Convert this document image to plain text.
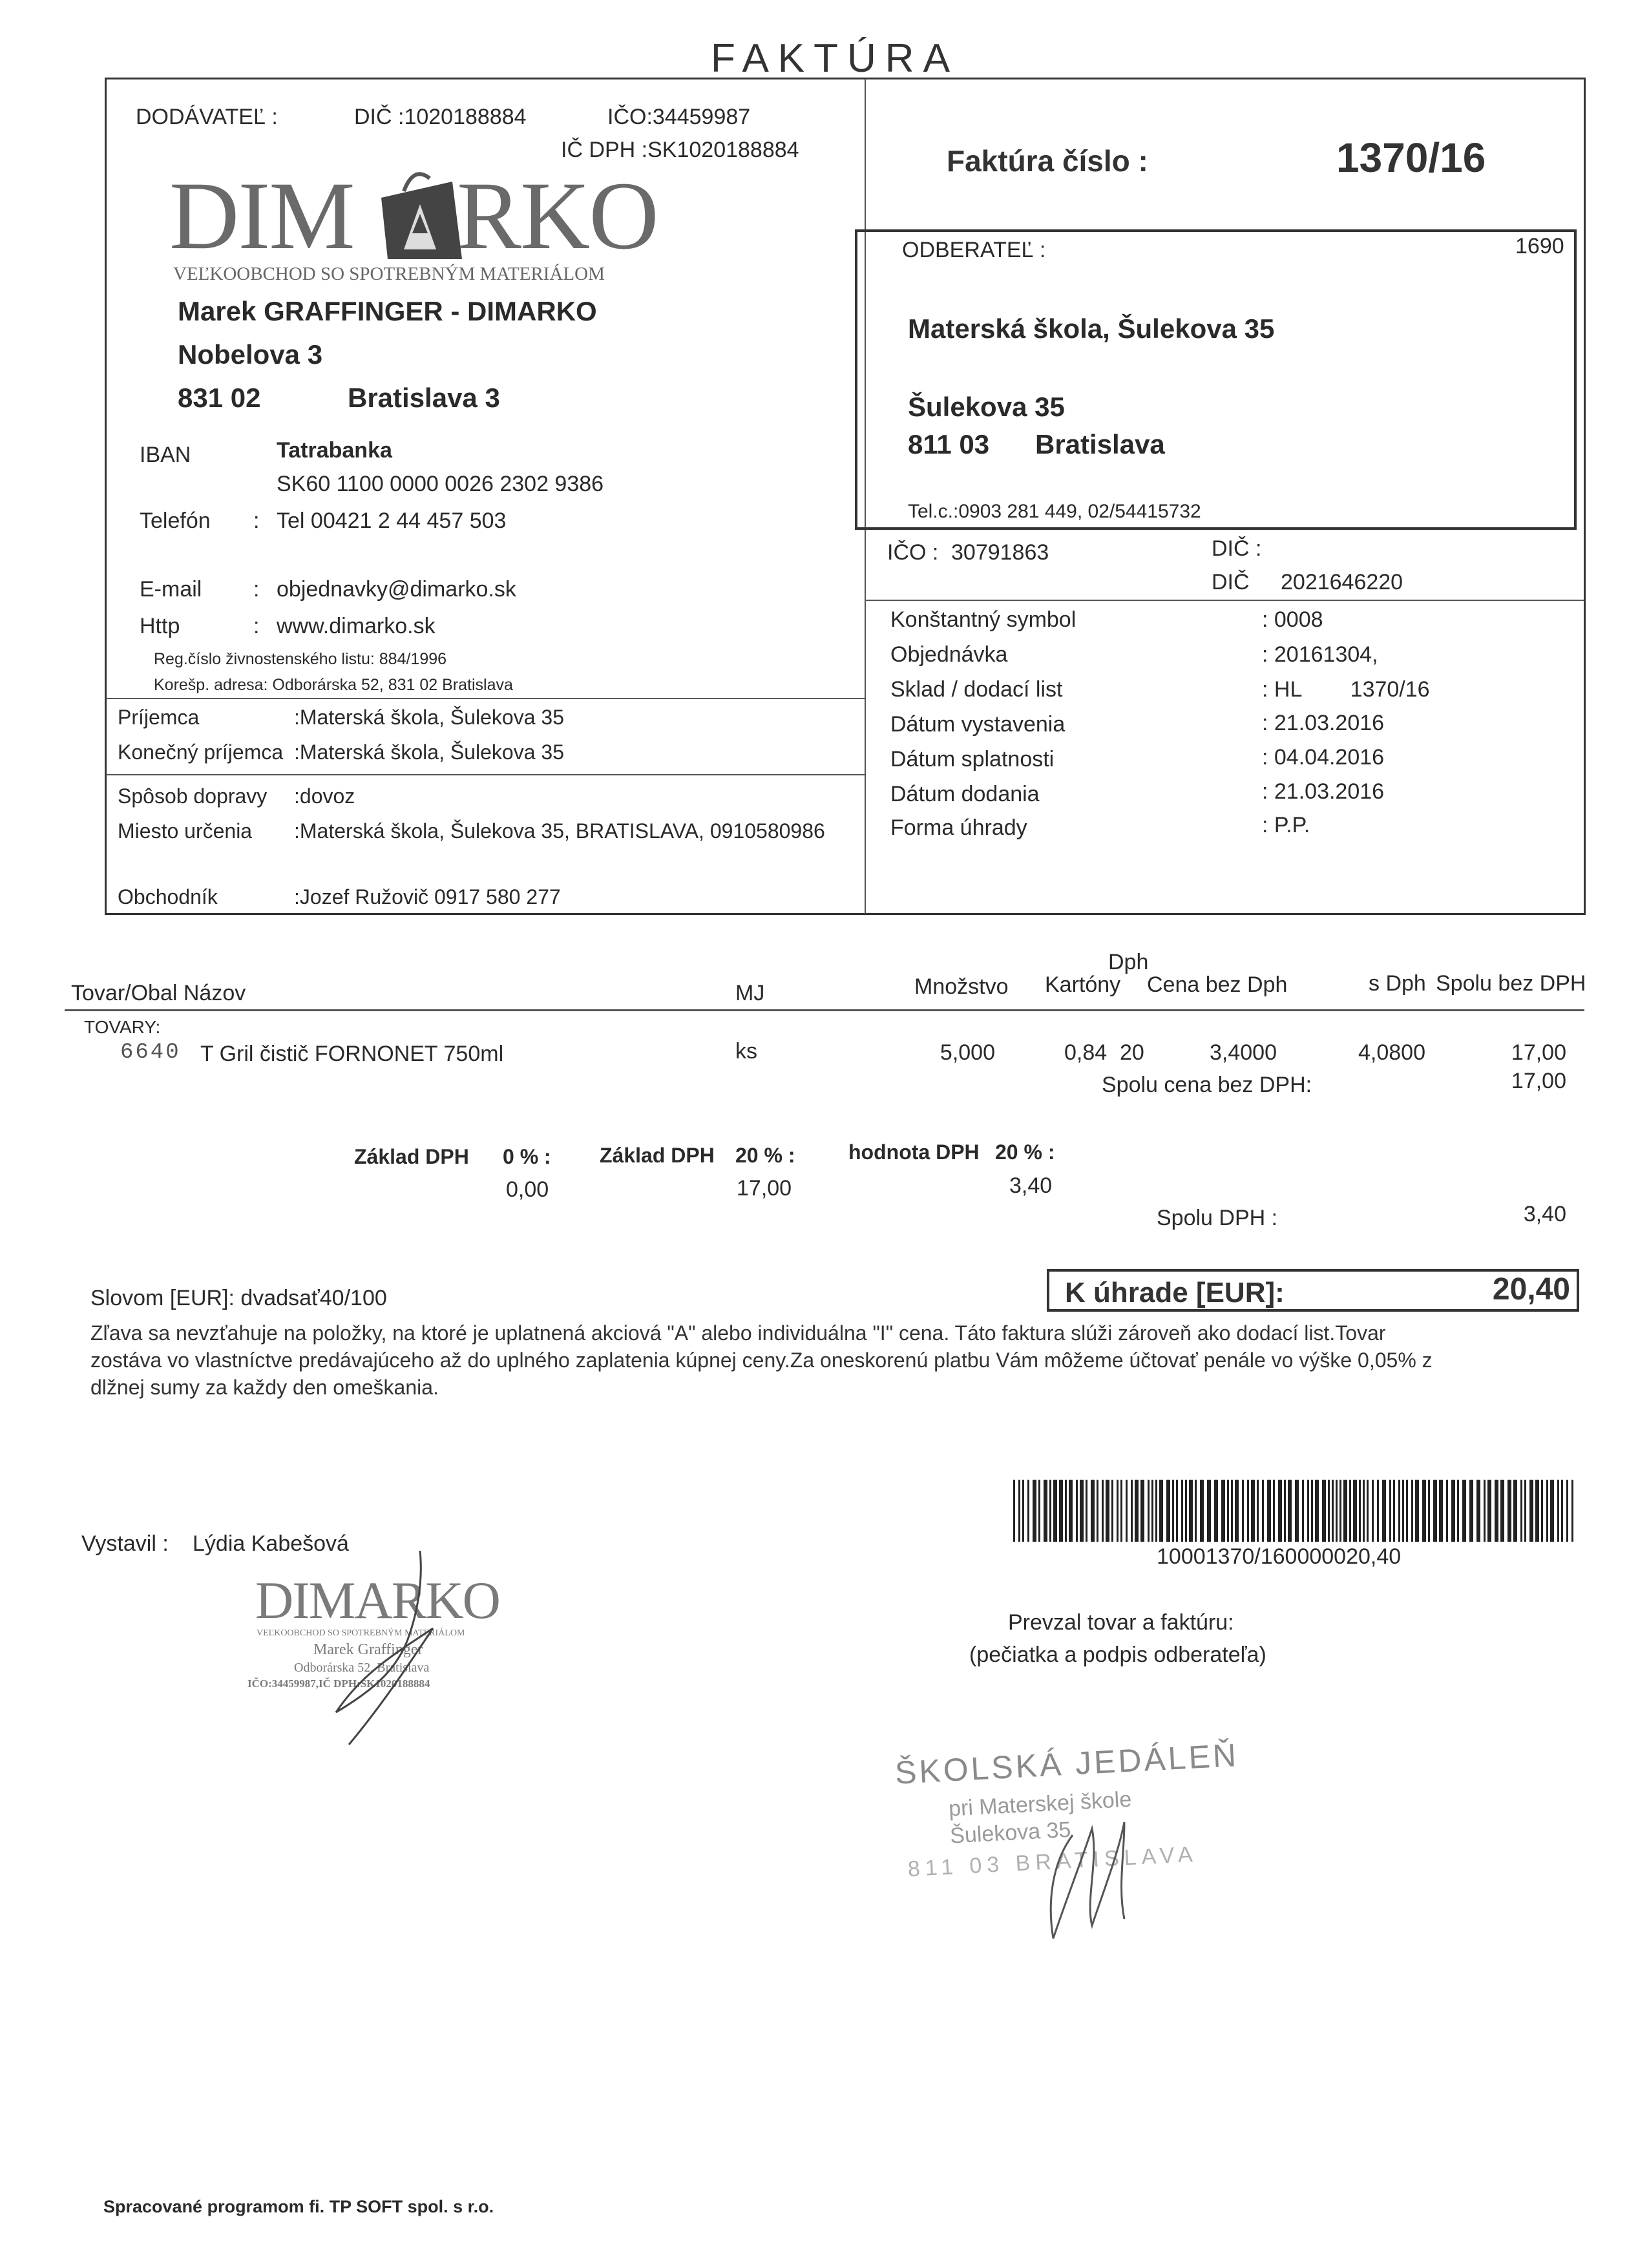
FAKTÚRA
DODÁVATEĽ :	DIČ :1020188884	IČO:34459987
IČ DPH :SK1020188884
DIM RKO
VEĽKOOBCHOD SO SPOTREBNÝM MATERIÁLOM
Marek GRAFFINGER - DIMARKO
Nobelova 3
831 02	Bratislava 3
IBAN	Tatrabanka
SK60 1100 0000 0026 2302 9386
Telefón : Tel 00421 2 44 457 503
E-mail : objednavky@dimarko.sk
Http	: www.dimarko.sk
Reg.číslo živnostenského listu: 884/1996
Korešp. adresa: Odborárska 52, 831 02 Bratislava
Príjemca	:Materská škola, Šulekova 35
Konečný príjemca :Materská škola, Šulekova 35
Spôsob dopravy :dovoz
Miesto určenia :Materská škola, Šulekova 35, BRATISLAVA, 0910580986
Obchodník	:Jozef Ružovič 0917 580 277
Faktúra číslo :	1370/16
ODBERATEĽ :	1690
Materská škola, Šulekova 35
Šulekova 35
811 03 Bratislava
Tel.c.:0903 281 449, 02/54415732
IČO : 30791863	DIČ :
DIČ 2021646220
Konštantný symbol	: 0008
Objednávka	: 20161304,
Sklad / dodací list	: HL        1370/16
Dátum vystavenia	: 21.03.2016
Dátum splatnosti	: 04.04.2016
Dátum dodania	: 21.03.2016
Forma úhrady	: P.P.
Dph
Tovar/Obal Názov	MJ	Množstvo Kartóny Cena bez Dph	s Dph Spolu bez DPH
TOVARY:
6640 T Gril čistič FORNONET 750ml	ks	5,000	0,84 20	3,4000	4,0800	17,00
Spolu cena bez DPH:	17,00
Základ DPH 0 % :
0,00
Základ DPH 20 % :
17,00
hodnota DPH 20 % :
3,40
Spolu DPH :	3,40
Slovom [EUR]: dvadsať40/100	K úhrade [EUR]:	20,40
Zľava sa nevzťahuje na položky, na ktoré je uplatnená akciová "A" alebo individuálna "I" cena. Táto faktura slúži zároveň ako dodací list.Tovar
zostáva vo vlastníctve predávajúceho až do uplného zaplatenia kúpnej ceny.Za oneskorenú platbu Vám môžeme účtovať penále vo výške 0,05% z
dlžnej sumy za každy den omeškania.
10001370/160000020,40
Vystavil : Lýdia Kabešová
DIMARKO
VEĽKOOBCHOD SO SPOTREBNÝM MATERIÁLOM
Marek Graffinger
Odborárska 52, Bratislava
IČO:34459987,IČ DPH:SK1020188884
Prevzal tovar a faktúru:
(pečiatka a podpis odberateľa)
ŠKOLSKÁ JEDÁLEŇ
pri Materskej škole
Šulekova 35
811 03 BRATISLAVA
Spracované programom fi. TP SOFT spol. s r.o.
